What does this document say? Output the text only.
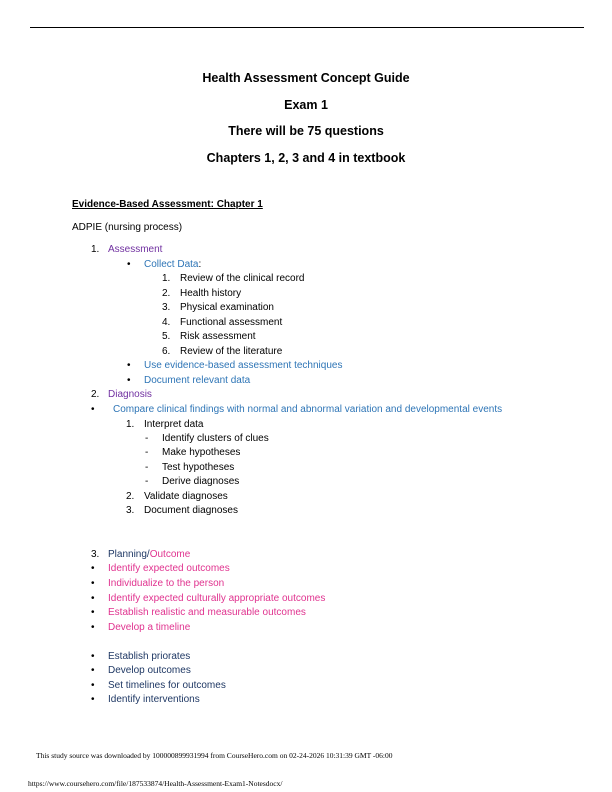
Health Assessment Concept Guide
Exam 1
There will be 75 questions
Chapters 1, 2, 3 and 4 in textbook
Evidence-Based Assessment: Chapter 1
ADPIE (nursing process)
1. Assessment
• Collect Data:
1. Review of the clinical record
2. Health history
3. Physical examination
4. Functional assessment
5. Risk assessment
6. Review of the literature
• Use evidence-based assessment techniques
• Document relevant data
2. Diagnosis
• Compare clinical findings with normal and abnormal variation and developmental events
1. Interpret data
- Identify clusters of clues
- Make hypotheses
- Test hypotheses
- Derive diagnoses
2. Validate diagnoses
3. Document diagnoses
3. Planning/Outcome
• Identify expected outcomes
• Individualize to the person
• Identify expected culturally appropriate outcomes
• Establish realistic and measurable outcomes
• Develop a timeline
• Establish priorates
• Develop outcomes
• Set timelines for outcomes
• Identify interventions
This study source was downloaded by 100000899931994 from CourseHero.com on 02-24-2026 10:31:39 GMT -06:00
https://www.coursehero.com/file/187533874/Health-Assessment-Exam1-Notesdocx/
